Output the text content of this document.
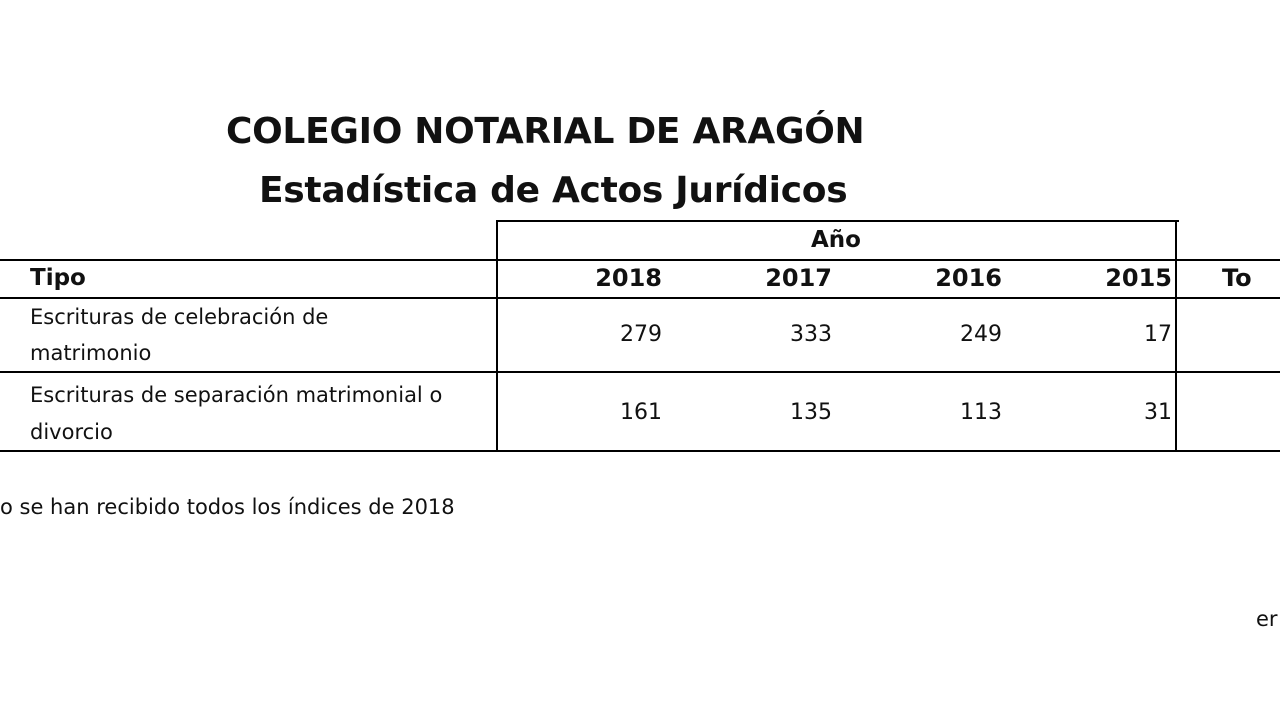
COLEGIO NOTARIAL DE ARAGÓN
Estadística de Actos Jurídicos
Año
Tipo	2018	2017	2016	2015 To
Escrituras de celebración de
matrimonio
279	333	249	17
Escrituras de separación matrimonial o
divorcio
161	135	113	31
o se han recibido todos los índices de 2018
er
